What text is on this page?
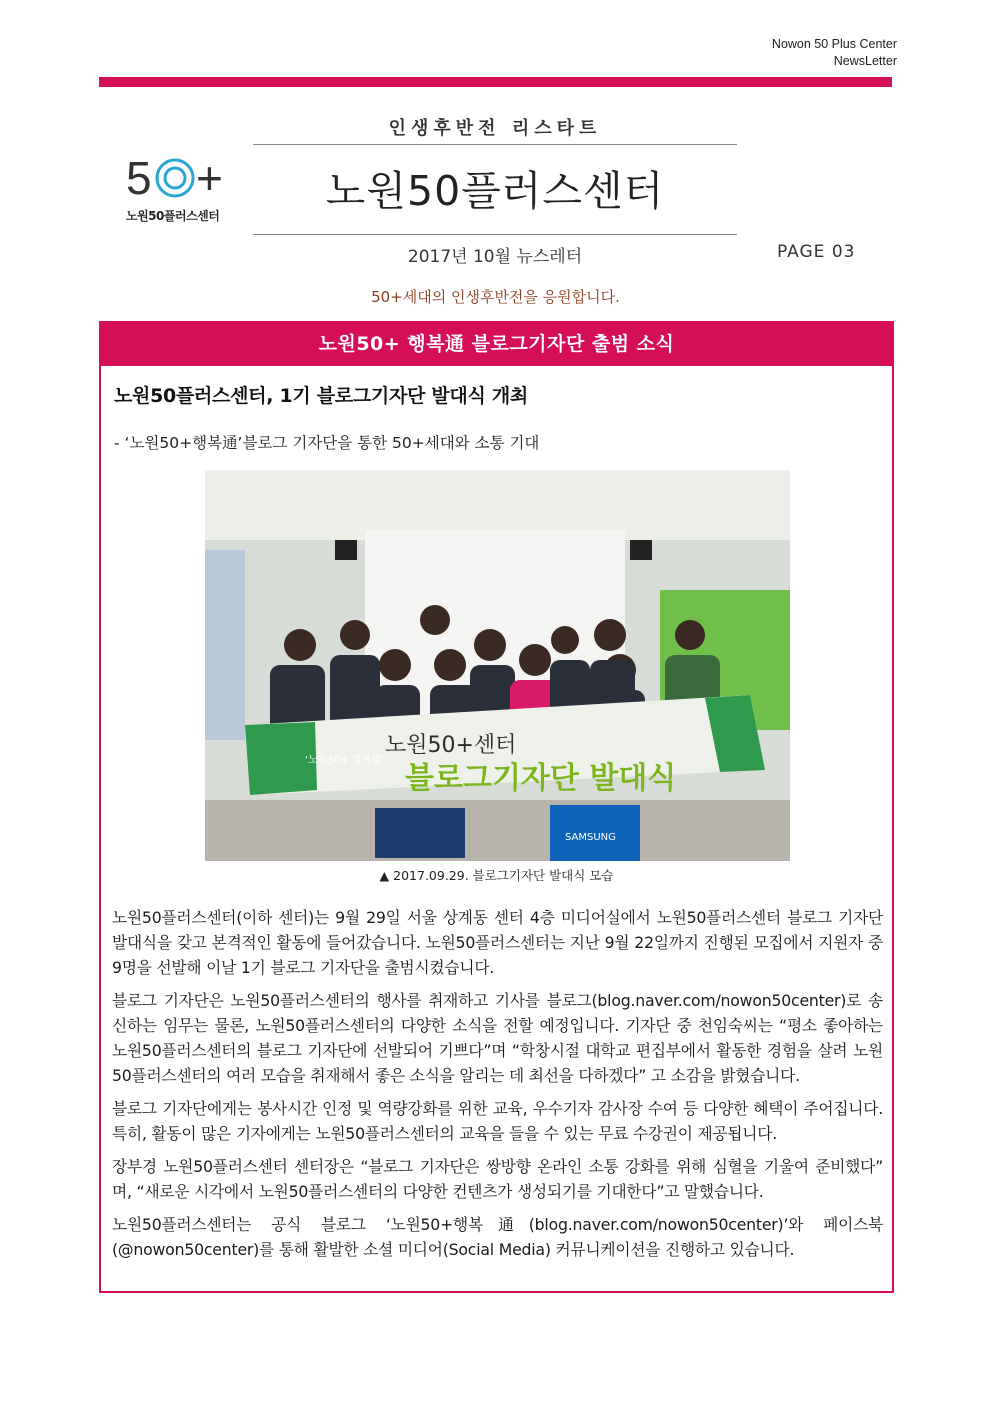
Nowon 50 Plus Center
NewsLetter
5 +
노원50플러스센터
인생후반전 리스타트
노원50플러스센터
2017년 10월 뉴스레터	PAGE 03
50+세대의 인생후반전을 응원합니다.
노원50+ 행복通 블로그기자단 출범 소식
노원50플러스센터, 1기 블로그기자단 발대식 개최
- ‘노원50+행복通’블로그 기자단을 통한 50+세대와 소통 기대
노원50+센터
블로그기자단 발대식
‘노원50+ 행복通’
SAMSUNG
▲ 2017.09.29. 블로그기자단 발대식 모습

노원50플러스센터(이하 센터)는 9월 29일 서울 상계동 센터 4층 미디어실에서 노원50플러스센터 블로그 기자단 발대식을 갖고 본격적인 활동에 들어갔습니다. 노원50플러스센터는 지난 9월 22일까지 진행된 모집에서 지원자 중 9명을 선발해 이날 1기 블로그 기자단을 출범시켰습니다.

블로그 기자단은 노원50플러스센터의 행사를 취재하고 기사를 블로그(blog.naver.com/nowon50center)로 송신하는 임무는 물론, 노원50플러스센터의 다양한 소식을 전할 예정입니다. 기자단 중 천임숙씨는 “평소 좋아하는 노원50플러스센터의 블로그 기자단에 선발되어 기쁘다”며 “학창시절 대학교 편집부에서 활동한 경험을 살려 노원50플러스센터의 여러 모습을 취재해서 좋은 소식을 알리는 데 최선을 다하겠다” 고 소감을 밝혔습니다.

블로그 기자단에게는 봉사시간 인정 및 역량강화를 위한 교육, 우수기자 감사장 수여 등 다양한 혜택이 주어집니다. 특히, 활동이 많은 기자에게는 노원50플러스센터의 교육을 들을 수 있는 무료 수강권이 제공됩니다.

장부경 노원50플러스센터 센터장은 “블로그 기자단은 쌍방향 온라인 소통 강화를 위해 심혈을 기울여 준비했다” 며, “새로운 시각에서 노원50플러스센터의 다양한 컨텐츠가 생성되기를 기대한다”고 말했습니다.

노원50플러스센터는 공식 블로그 ‘노원50+행복通(blog.naver.com/nowon50center)’와 페이스북(@nowon50center)를 통해 활발한 소셜 미디어(Social Media) 커뮤니케이션을 진행하고 있습니다.
